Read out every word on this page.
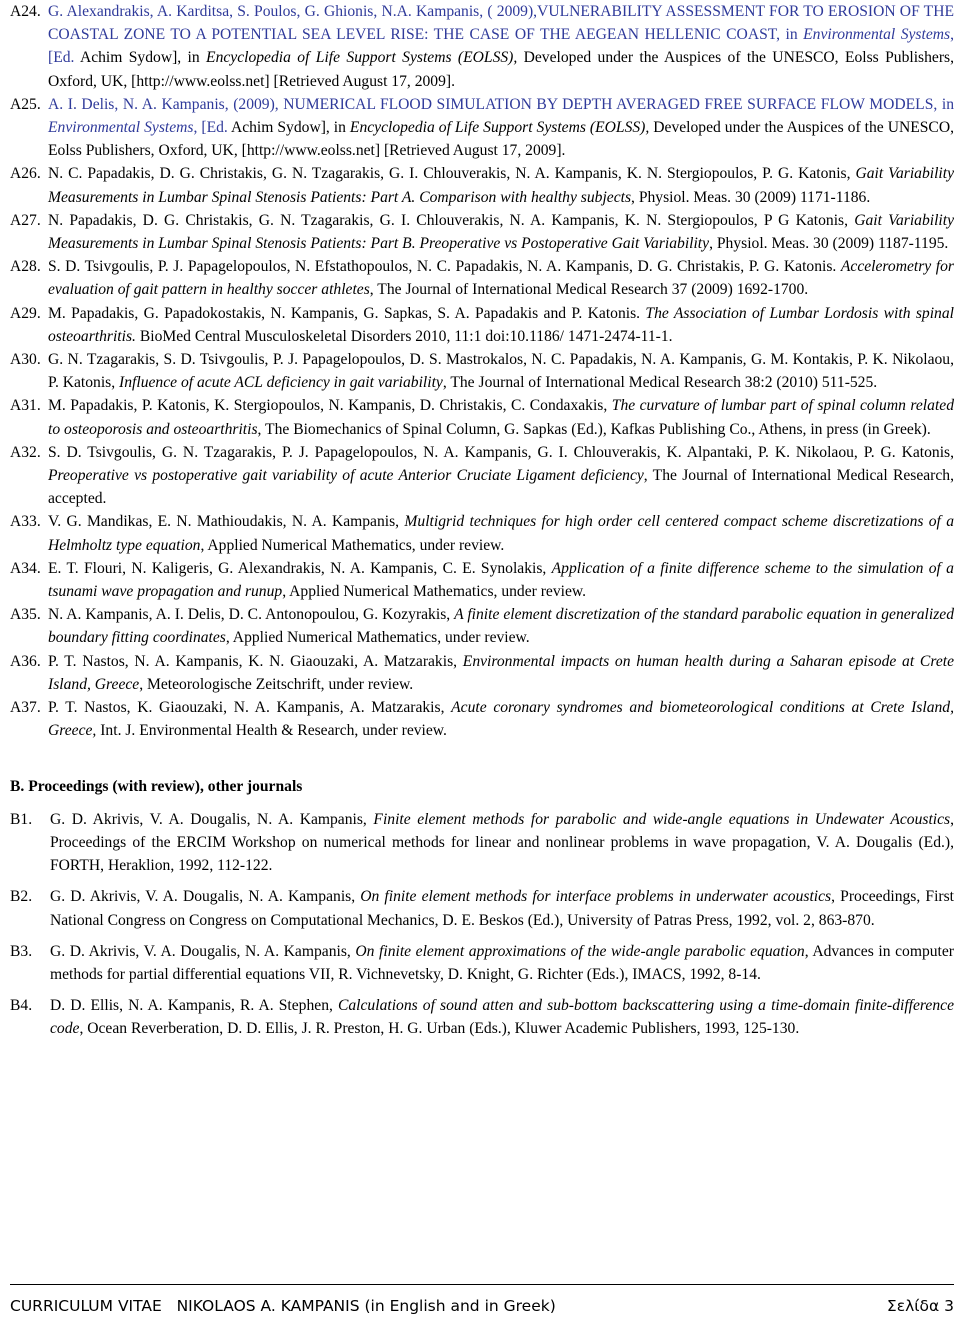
A24. G. Alexandrakis, A. Karditsa, S. Poulos, G. Ghionis, N.A. Kampanis, ( 2009),VULNERABILITY ASSESSMENT FOR TO EROSION OF THE COASTAL ZONE TO A POTENTIAL SEA LEVEL RISE: THE CASE OF THE AEGEAN HELLENIC COAST, in Environmental Systems, [Ed. Achim Sydow], in Encyclopedia of Life Support Systems (EOLSS), Developed under the Auspices of the UNESCO, Eolss Publishers, Oxford, UK, [http://www.eolss.net] [Retrieved August 17, 2009].
A25. A. I. Delis, N. A. Kampanis, (2009), NUMERICAL FLOOD SIMULATION BY DEPTH AVERAGED FREE SURFACE FLOW MODELS, in Environmental Systems, [Ed. Achim Sydow], in Encyclopedia of Life Support Systems (EOLSS), Developed under the Auspices of the UNESCO, Eolss Publishers, Oxford, UK, [http://www.eolss.net] [Retrieved August 17, 2009].
A26. N. C. Papadakis, D. G. Christakis, G. N. Tzagarakis, G. I. Chlouverakis, N. A. Kampanis, K. N. Stergiopoulos, P. G. Katonis, Gait Variability Measurements in Lumbar Spinal Stenosis Patients: Part A. Comparison with healthy subjects, Physiol. Meas. 30 (2009) 1171-1186.
A27. N. Papadakis, D. G. Christakis, G. N. Tzagarakis, G. I. Chlouverakis, N. A. Kampanis, K. N. Stergiopoulos, P G Katonis, Gait Variability Measurements in Lumbar Spinal Stenosis Patients: Part B. Preoperative vs Postoperative Gait Variability, Physiol. Meas. 30 (2009) 1187-1195.
A28. S. D. Tsivgoulis, P. J. Papagelopoulos, N. Efstathopoulos, N. C. Papadakis, N. A. Kampanis, D. G. Christakis, P. G. Katonis. Accelerometry for evaluation of gait pattern in healthy soccer athletes, The Journal of International Medical Research 37 (2009) 1692-1700.
A29. M. Papadakis, G. Papadokostakis, N. Kampanis, G. Sapkas, S. A. Papadakis and P. Katonis. The Association of Lumbar Lordosis with spinal osteoarthritis. BioMed Central Musculoskeletal Disorders 2010, 11:1 doi:10.1186/ 1471-2474-11-1.
A30. G. N. Tzagarakis, S. D. Tsivgoulis, P. J. Papagelopoulos, D. S. Mastrokalos, N. C. Papadakis, N. A. Kampanis, G. M. Kontakis, P. K. Nikolaou, P. Katonis, Influence of acute ACL deficiency in gait variability, The Journal of International Medical Research 38:2 (2010) 511-525.
A31. M. Papadakis, P. Katonis, K. Stergiopoulos, N. Kampanis, D. Christakis, C. Condaxakis, The curvature of lumbar part of spinal column related to osteoporosis and osteoarthritis, The Biomechanics of Spinal Column, G. Sapkas (Ed.), Kafkas Publishing Co., Athens, in press (in Greek).
A32. S. D. Tsivgoulis, G. N. Tzagarakis, P. J. Papagelopoulos, N. A. Kampanis, G. I. Chlouverakis, K. Alpantaki, P. K. Nikolaou, P. G. Katonis, Preoperative vs postoperative gait variability of acute Anterior Cruciate Ligament deficiency, The Journal of International Medical Research, accepted.
A33. V. G. Mandikas, E. N. Mathioudakis, N. A. Kampanis, Multigrid techniques for high order cell centered compact scheme discretizations of a Helmholtz type equation, Applied Numerical Mathematics, under review.
A34. E. T. Flouri, N. Kaligeris, G. Alexandrakis, N. A. Kampanis, C. E. Synolakis, Application of a finite difference scheme to the simulation of a tsunami wave propagation and runup, Applied Numerical Mathematics, under review.
A35. N. A. Kampanis, A. I. Delis, D. C. Antonopoulou, G. Kozyrakis, A finite element discretization of the standard parabolic equation in generalized boundary fitting coordinates, Applied Numerical Mathematics, under review.
A36. P. T. Nastos, N. A. Kampanis, K. N. Giaouzaki, A. Matzarakis, Environmental impacts on human health during a Saharan episode at Crete Island, Greece, Meteorologische Zeitschrift, under review.
A37. P. T. Nastos, K. Giaouzaki, N. A. Kampanis, A. Matzarakis, Acute coronary syndromes and biometeorological conditions at Crete Island, Greece, Int. J. Environmental Health & Research, under review.
B. Proceedings (with review), other journals
B1.	G. D. Akrivis, V. A. Dougalis, N. A. Kampanis, Finite element methods for parabolic and wide-angle equations in Undewater Acoustics, Proceedings of the ERCIM Workshop on numerical methods for linear and nonlinear problems in wave propagation, V. A. Dougalis (Ed.), FORTH, Heraklion, 1992, 112-122.
B2.	G. D. Akrivis, V. A. Dougalis, N. A. Kampanis, On finite element methods for interface problems in underwater acoustics, Proceedings, First National Congress on Congress on Computational Mechanics, D. E. Beskos (Ed.), University of Patras Press, 1992, vol. 2, 863-870.
B3.	G. D. Akrivis, V. A. Dougalis, N. A. Kampanis, On finite element approximations of the wide-angle parabolic equation, Advances in computer methods for partial differential equations VII, R. Vichnevetsky, D. Knight, G. Richter (Eds.), IMACS, 1992, 8-14.
B4.	D. D. Ellis, N. A. Kampanis, R. A. Stephen, Calculations of sound atten and sub-bottom backscattering using a time-domain finite-difference code, Ocean Reverberation, D. D. Ellis, J. R. Preston, H. G. Urban (Eds.), Kluwer Academic Publishers, 1993, 125-130.
CURRICULUM VITAE   NIKOLAOS A. KAMPANIS (in English and in Greek)	Σελίδα 3
